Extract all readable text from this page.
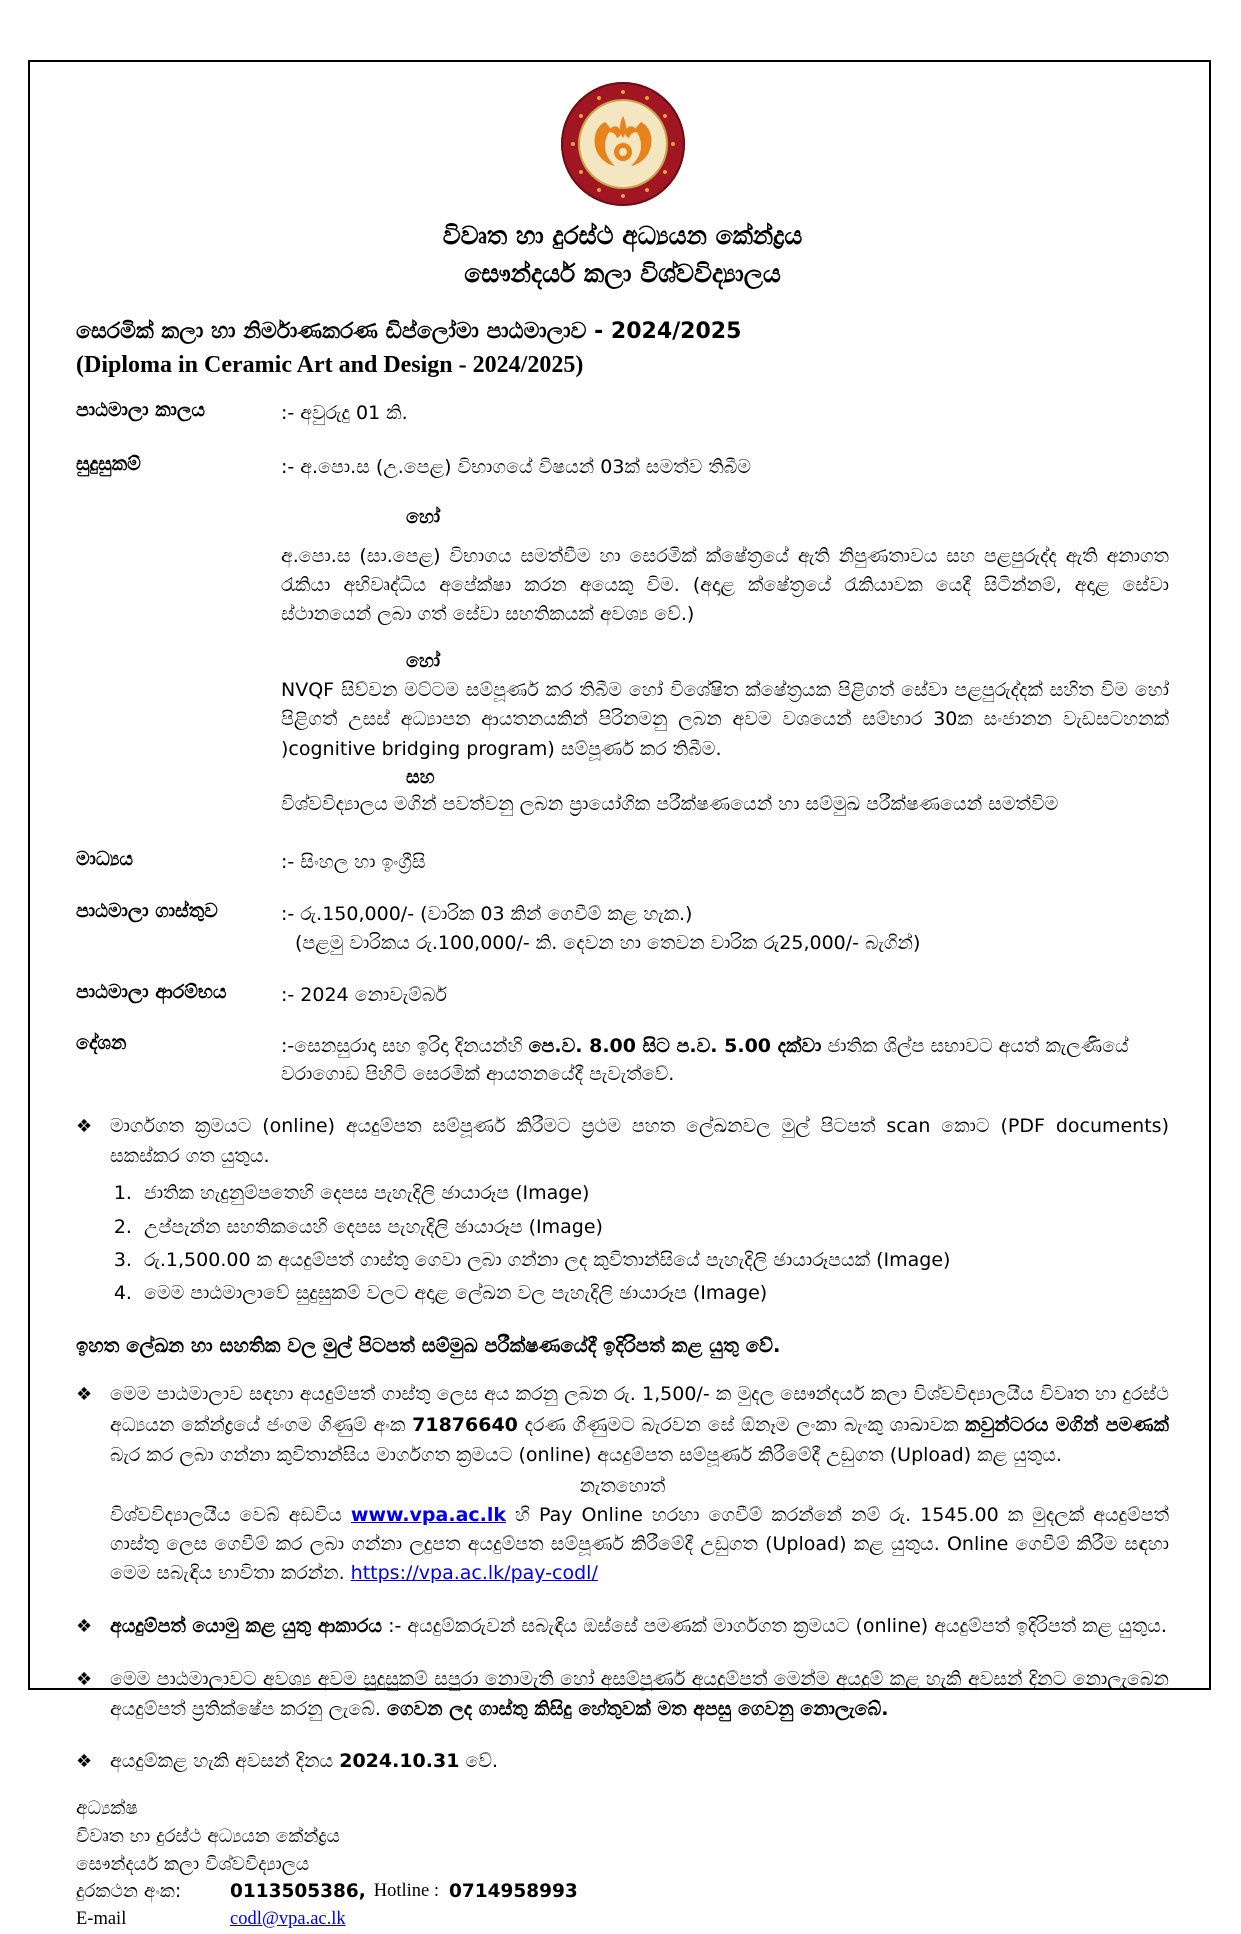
විවෘත හා දුරස්ථ අධ්‍යයන කේන්ද්‍රය
සෞන්දර්ය කලා විශ්වවිද්‍යාලය
සෙරමික් කලා හා නිර්මාණකරණ ඩිප්ලෝමා පාඨමාලාව - 2024/2025
(Diploma in Ceramic Art and Design - 2024/2025)
පාඨමාලා කාලය	:- අවුරුදු 01 කි.
සුදුසුකම්	:- අ.පො.ස (උ.පෙළ) විභාගයේ විෂයන් 03ක් සමත්ව තිබීම
හෝ
අ.පො.ස (සා.පෙළ) විභාගය සමත්වීම හා සෙරමික් ක්ෂේත්‍රයේ ඇති නිපුණතාවය සහ පළපුරුද්ද ඇති අනාගත රැකියා අභිවෘද්ධිය අපේක්ෂා කරන අයෙකු විම. (අදාළ ක්ෂේත්‍රයේ රැකියාවක යෙදී සිටින්නම්, අදාළ සේවා ස්ථානයෙන් ලබා ගත් සේවා සහතිකයක් අවශ්‍ය වේ.)
හෝ
NVQF සිව්වන මට්ටම සම්පූර්ණ කර තිබීම හෝ විශේෂිත ක්ෂේත්‍රයක පිළිගත් සේවා පළපුරුද්දක් සහිත විම හෝ පිළිගත් උසස් අධ්‍යාපන ආයතනයකින් පිරිනමනු ලබන අවම වශයෙන් සම්භාර 30ක සංජානන වැඩසටහනක් )cognitive bridging program) සම්පූර්ණ කර තිබීම.
සහ
විශ්වවිද්‍යාලය මගින් පවත්වනු ලබන ප්‍රායෝගික පරීක්ෂණයෙන් හා සම්මුඛ පරීක්ෂණයෙන් සමත්විම
මාධ්‍යය	:- සිංහල හා ඉංග්‍රීසි
පාඨමාලා ගාස්තුව	:- රු.150,000/- (වාරික 03 කින් ගෙවීම් කළ හැක.)
(පළමු වාරිකය රු.100,000/- කි. දෙවන හා තෙවන වාරික රු25,000/- බැගින්)
පාඨමාලා ආරම්භය	:- 2024 නොවැම්බර්
දේශන	:-සෙනසුරාදා සහ ඉරිදා දිනයන්හි පෙ.ව. 8.00 සිට ප.ව. 5.00 දක්වා ජාතික ශිල්ප සභාවට අයත් කැලණියේ වරාගොඩ පිහිටි සෙරමික් ආයතනයේදී පැවැත්වේ.
❖ මාර්ගගත ක්‍රමයට (online) අයදුම්පත සම්පූර්ණ කිරීමට ප්‍රථම පහත ලේඛනවල මුල් පිටපත් scan කොට (PDF documents) සකස්කර ගත යුතුය.
1. ජාතික හැදුනුම්පතෙහි දෙපස පැහැදිලි ඡායාරූප (Image)
2. උප්පැන්න සහතිකයෙහි දෙපස පැහැදිලි ඡායාරූප (Image)
3. රු.1,500.00 ක අයදුම්පත් ගාස්තු ගෙවා ලබා ගන්නා ලද කුවිතාන්සියේ පැහැදිලි ඡායාරූපයක් (Image)
4. මෙම පාඨමාලාවේ සුදුසුකම් වලට අදාළ ලේඛන වල පැහැදිලි ඡායාරූප (Image)
ඉහත ලේඛන හා සහතික වල මුල් පිටපත් සම්මුඛ පරීක්ෂණයේදී ඉදිරිපත් කළ යුතු වේ.
❖ මෙම පාඨමාලාව සඳහා අයදුම්පත් ගාස්තු ලෙස අය කරනු ලබන රු. 1,500/- ක මුදල සෞන්දර්ය කලා විශ්වවිද්‍යාලයීය විවෘත හා දුරස්ථ අධ්‍යයන කේන්ද්‍රයේ ජංගම ගිණුම් අංක 71876640 දරණ ගිණුමට බැරවන සේ ඕනෑම ලංකා බැංකු ශාඛාවක කවුන්ටරය මගින් පමණක් බැර කර ලබා ගන්නා කුවිතාන්සිය මාර්ගගත ක්‍රමයට (online) අයදුම්පත සම්පූර්ණ කිරීමේදී උඩුගත (Upload) කළ යුතුය.
නැතහොත්
විශ්වවිද්‍යාලයීය වෙබ් අඩවිය www.vpa.ac.lk හි Pay Online හරහා ගෙවීම් කරන්නේ නම් රු. 1545.00 ක මුදලක් අයදුම්පත් ගාස්තු ලෙස ගෙවීම් කර ලබා ගන්නා ලදුපත අයදුම්පත සම්පූර්ණ කිරීමේදී උඩුගත (Upload) කළ යුතුය. Online ගෙවීම් කිරීම සඳහා මෙම සබැඳිය භාවිතා කරන්න. https://vpa.ac.lk/pay-codl/
❖ අයදුම්පත් යොමු කළ යුතු ආකාරය :- අයදුම්කරුවන් සබැඳිය ඔස්සේ පමණක් මාර්ගගත ක්‍රමයට (online) අයදුම්පත් ඉදිරිපත් කළ යුතුය.
❖ මෙම පාඨමාලාවට අවශ්‍ය අවම සුදුසුකම් සපුරා නොමැති හෝ අසම්පූර්ණ අයදුම්පත් මෙන්ම අයදුම් කළ හැකි අවසන් දිනට නොලැබෙන අයදුම්පත් ප්‍රතික්ෂේප කරනු ලැබේ. ගෙවන ලද ගාස්තු කිසිදු හේතුවක් මත අපසු ගෙවනු නොලැබේ.
❖ අයදුම්කළ හැකි අවසන් දිනය 2024.10.31 වේ.
අධ්‍යක්ෂ
විවෘත හා දුරස්ථ අධ්‍යයන කේන්ද්‍රය
සෞන්දර්ය කලා විශ්වවිද්‍යාලය
දුරකථන අංක:	0113505386, Hotline : 0714958993
E-mail	codl@vpa.ac.lk
